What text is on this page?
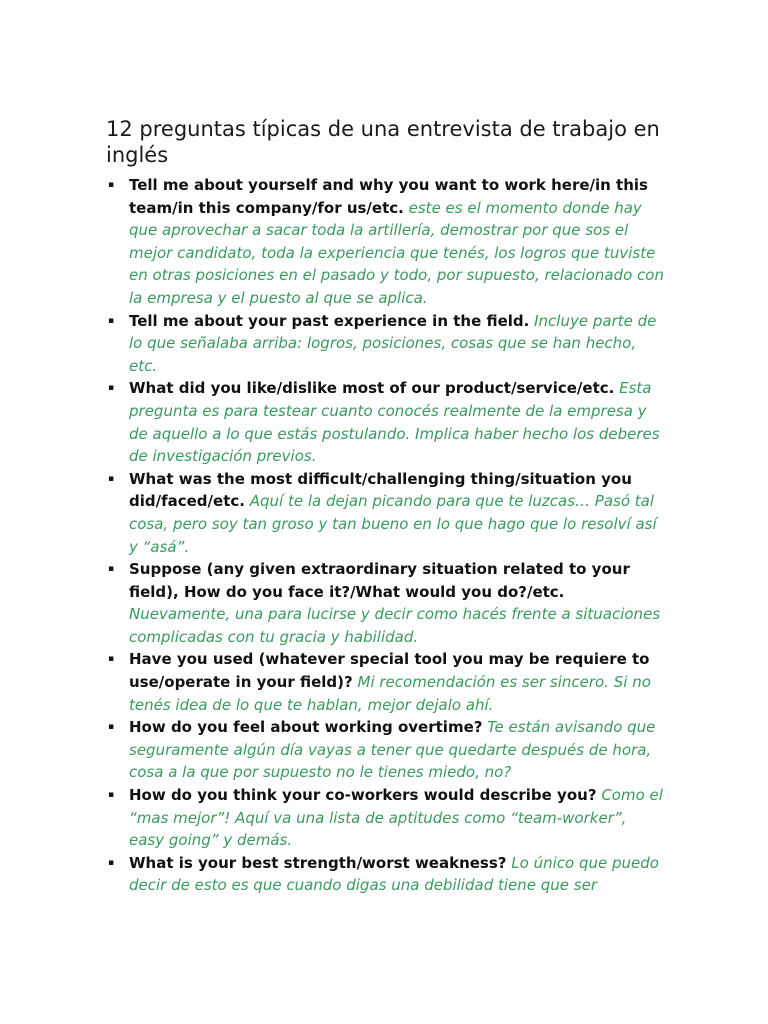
12 preguntas típicas de una entrevista de trabajo en inglés
▪ Tell me about yourself and why you want to work here/in this team/in this company/for us/etc. este es el momento donde hay que aprovechar a sacar toda la artillería, demostrar por que sos el mejor candidato, toda la experiencia que tenés, los logros que tuviste en otras posiciones en el pasado y todo, por supuesto, relacionado con la empresa y el puesto al que se aplica.
▪ Tell me about your past experience in the field. Incluye parte de lo que señalaba arriba: logros, posiciones, cosas que se han hecho, etc.
▪ What did you like/dislike most of our product/service/etc. Esta pregunta es para testear cuanto conocés realmente de la empresa y de aquello a lo que estás postulando. Implica haber hecho los deberes de investigación previos.
▪ What was the most difficult/challenging thing/situation you did/faced/etc. Aquí te la dejan picando para que te luzcas… Pasó tal cosa, pero soy tan groso y tan bueno en lo que hago que lo resolví así y “asá”.
▪ Suppose (any given extraordinary situation related to your field), How do you face it?/What would you do?/etc. Nuevamente, una para lucirse y decir como hacés frente a situaciones complicadas con tu gracia y habilidad.
▪ Have you used (whatever special tool you may be requiere to use/operate in your field)? Mi recomendación es ser sincero. Si no tenés idea de lo que te hablan, mejor dejalo ahí.
▪ How do you feel about working overtime? Te están avisando que seguramente algún día vayas a tener que quedarte después de hora, cosa a la que por supuesto no le tienes miedo, no?
▪ How do you think your co-workers would describe you? Como el “mas mejor”! Aquí va una lista de aptitudes como “team-worker”, easy going” y demás.
▪ What is your best strength/worst weakness? Lo único que puedo decir de esto es que cuando digas una debilidad tiene que ser
